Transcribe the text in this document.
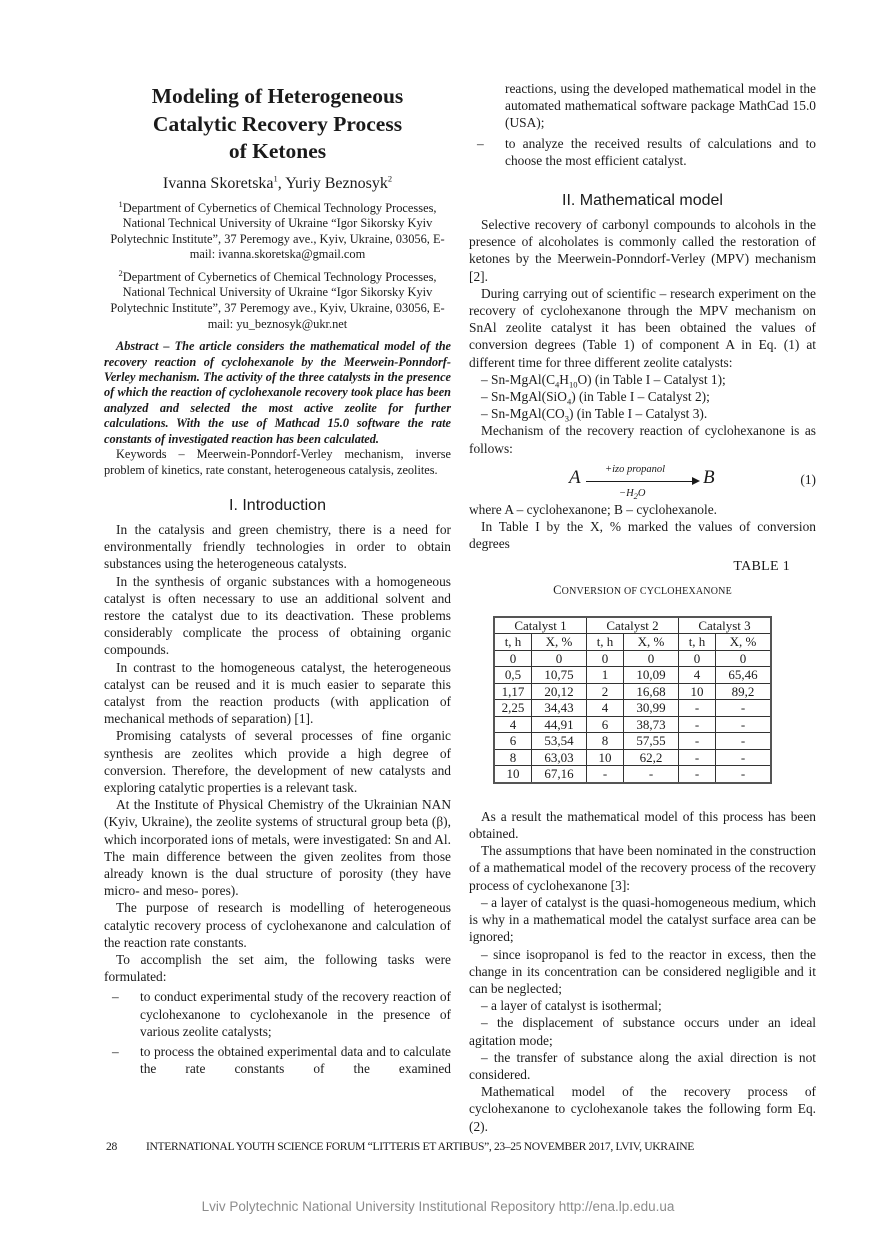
Modeling of Heterogeneous
Catalytic Recovery Process
of Ketones
Ivanna Skoretska$^1$, Yuriy Beznosyk$^2$
$^1$Department of Cybernetics of Chemical Technology Processes, National Technical University of Ukraine “Igor Sikorsky Kyiv Polytechnic Institute”, 37 Peremogy ave., Kyiv, Ukraine, 03056, E-mail: ivanna.skoretska@gmail.com
$^2$Department of Cybernetics of Chemical Technology Processes, National Technical University of Ukraine “Igor Sikorsky Kyiv Polytechnic Institute”, 37 Peremogy ave., Kyiv, Ukraine, 03056, E-mail: yu_beznosyk@ukr.net
Abstract – The article considers the mathematical model of the recovery reaction of cyclohexanole by the Meerwein-Ponndorf-Verley mechanism. The activity of the three catalysts in the presence of which the reaction of cyclohexanole recovery took place has been analyzed and selected the most active zeolite for further calculations. With the use of Mathcad 15.0 software the rate constants of investigated reaction has been calculated.
Keywords – Meerwein-Ponndorf-Verley mechanism, inverse problem of kinetics, rate constant, heterogeneous catalysis, zeolites.
I. Introduction

In the catalysis and green chemistry, there is a need for environmentally friendly technologies in order to obtain substances using the heterogeneous catalysts.

In the synthesis of organic substances with a homogeneous catalyst is often necessary to use an additional solvent and restore the catalyst due to its deactivation. These problems considerably complicate the process of obtaining organic compounds.

In contrast to the homogeneous catalyst, the heterogeneous catalyst can be reused and it is much easier to separate this catalyst from the reaction products (with application of mechanical methods of separation) [1].

Promising catalysts of several processes of fine organic synthesis are zeolites which provide a high degree of conversion. Therefore, the development of new catalysts and exploring catalytic properties is a relevant task.

At the Institute of Physical Chemistry of the Ukrainian NAN (Kyiv, Ukraine), the zeolite systems of structural group beta (β), which incorporated ions of metals, were investigated: Sn and Al. The main difference between the given zeolites from those already known is the dual structure of porosity (they have micro- and meso- pores).

The purpose of research is modelling of heterogeneous catalytic recovery process of cyclohexanone and calculation of the reaction rate constants.

To accomplish the set aim, the following tasks were formulated:

– to conduct experimental study of the recovery reaction of cyclohexanone to cyclohexanole in the presence of various zeolite catalysts;
– to process the obtained experimental data and to calculate the rate constants of the examined
reactions, using the developed mathematical model in the automated mathematical software package MathCad 15.0 (USA);
– to analyze the received results of calculations and to choose the most efficient catalyst.
II. Mathematical model

Selective recovery of carbonyl compounds to alcohols in the presence of alcoholates is commonly called the restoration of ketones by the Meerwein-Ponndorf-Verley (MPV) mechanism [2].

During carrying out of scientific – research experiment on the recovery of cyclohexanone through the MPV mechanism on SnAl zeolite catalyst it has been obtained the values of conversion degrees (Table 1) of component A in Eq. (1) at different time for three different zeolite catalysts:

– $Sn-MgAl(C_4H_{10}O)$ (in Table I – Catalyst 1);
– Sn-MgAl(SiO$_4$) (in Table I – Catalyst 2);
– $Sn-MgAl(CO_3)$ (in Table I – Catalyst 3).

Mechanism of the recovery reaction of cyclohexanone is as follows:

A +izo propanol
$-H_2O$
B	(1)

where A – cyclohexanone; B – cyclohexanole.

In Table I by the X, % marked the values of conversion degrees

TABLE 1
CONVERSION OF CYCLOHEXANONE
Catalyst 1		Catalyst 2		Catalyst 3	
t, h	X, %	t, h	X, %	t, h	X, %
0	0	0	0	0	0
0,5	10,75	1	10,09	4	65,46
1,17	20,12	2	16,68	10	89,2
2,25	34,43	4	30,99	-	-
4	44,91	6	38,73	-	-
6	53,54	8	57,55	-	-
8	63,03	10	62,2	-	-
10	67,16	-	-	-	-

As a result the mathematical model of this process has been obtained.

The assumptions that have been nominated in the construction of a mathematical model of the recovery process of the recovery process of cyclohexanone [3]:

– a layer of catalyst is the quasi-homogeneous medium, which is why in a mathematical model the catalyst surface area can be ignored;

– since isopropanol is fed to the reactor in excess, then the change in its concentration can be considered negligible and it can be neglected;

– a layer of catalyst is isothermal;

– the displacement of substance occurs under an ideal agitation mode;

– the transfer of substance along the axial direction is not considered.

Mathematical model of the recovery process of cyclohexanone to cyclohexanole takes the following form Eq. (2).

28	INTERNATIONAL YOUTH SCIENCE FORUM “LITTERIS ET ARTIBUS”, 23–25 NOVEMBER 2017, LVIV, UKRAINE
Lviv Polytechnic National University Institutional Repository http://ena.lp.edu.ua
